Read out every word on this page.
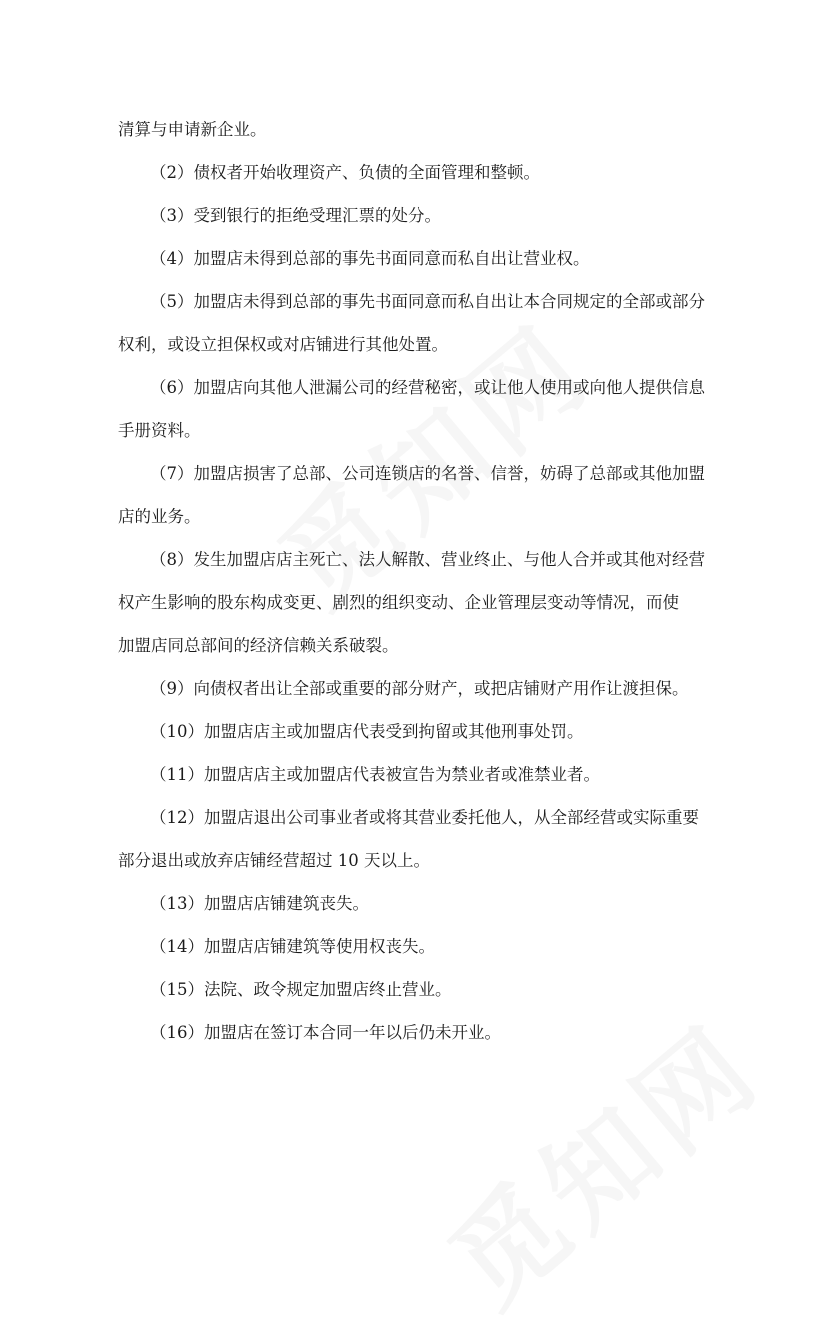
清算与申请新企业。
（2）债权者开始收理资产、负债的全面管理和整顿。
（3）受到银行的拒绝受理汇票的处分。
（4）加盟店未得到总部的事先书面同意而私自出让营业权。
（5）加盟店未得到总部的事先书面同意而私自出让本合同规定的全部或部分
权利，或设立担保权或对店铺进行其他处置。
（6）加盟店向其他人泄漏公司的经营秘密，或让他人使用或向他人提供信息
手册资料。
（7）加盟店损害了总部、公司连锁店的名誉、信誉，妨碍了总部或其他加盟
店的业务。
（8）发生加盟店店主死亡、法人解散、营业终止、与他人合并或其他对经营
权产生影响的股东构成变更、剧烈的组织变动、企业管理层变动等情况，而使
加盟店同总部间的经济信赖关系破裂。
（9）向债权者出让全部或重要的部分财产，或把店铺财产用作让渡担保。
（10）加盟店店主或加盟店代表受到拘留或其他刑事处罚。
（11）加盟店店主或加盟店代表被宣告为禁业者或准禁业者。
（12）加盟店退出公司事业者或将其营业委托他人，从全部经营或实际重要
部分退出或放弃店铺经营超过 10 天以上。
（13）加盟店店铺建筑丧失。
（14）加盟店店铺建筑等使用权丧失。
（15）法院、政令规定加盟店终止营业。
（16）加盟店在签订本合同一年以后仍未开业。
